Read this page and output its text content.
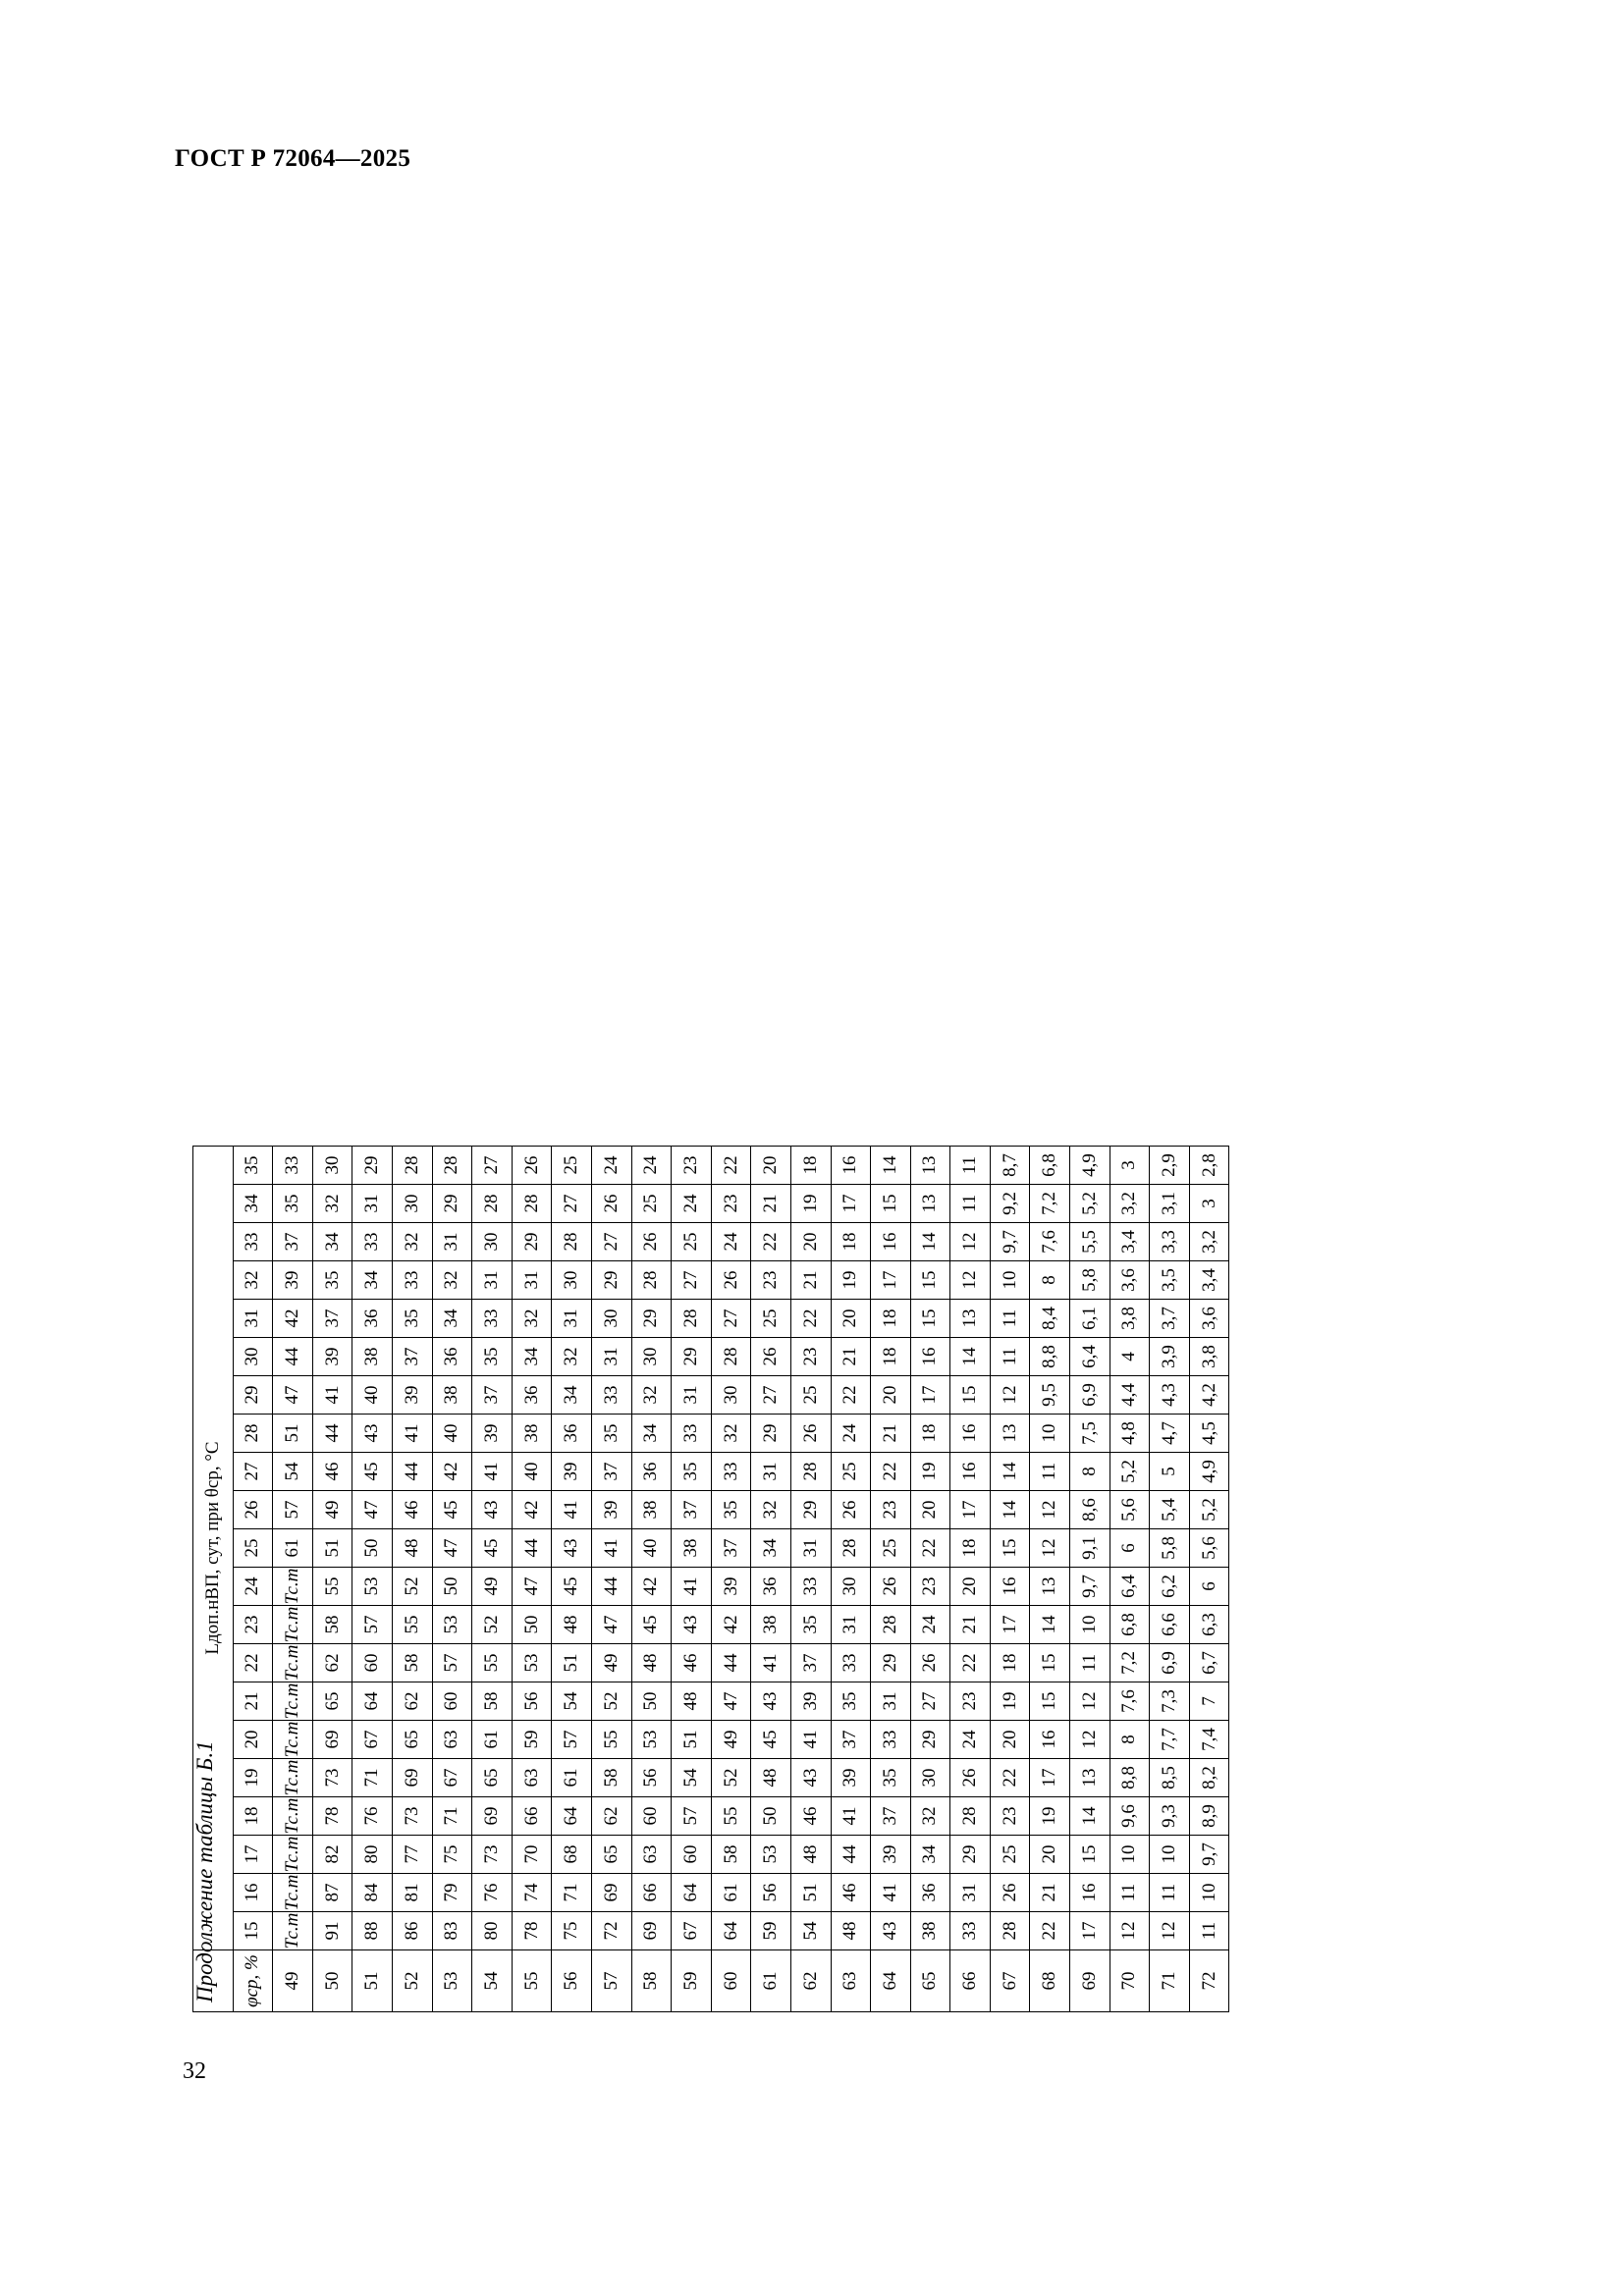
ГОСТ Р 72064—2025
Продолжение таблицы Б.1
	Lдоп.нВП, сут, при θср, °C																				
φср, %	15	16	17	18	19	20	21	22	23	24	25	26	27	28	29	30	31	32	33	34	35
49	Тс.т	Тс.т	Тс.т	Тс.т	Тс.т	Тс.т	Тс.т	Тс.т	Тс.т	Тс.т	61	57	54	51	47	44	42	39	37	35	33
50	91	87	82	78	73	69	65	62	58	55	51	49	46	44	41	39	37	35	34	32	30
51	88	84	80	76	71	67	64	60	57	53	50	47	45	43	40	38	36	34	33	31	29
52	86	81	77	73	69	65	62	58	55	52	48	46	44	41	39	37	35	33	32	30	28
53	83	79	75	71	67	63	60	57	53	50	47	45	42	40	38	36	34	32	31	29	28
54	80	76	73	69	65	61	58	55	52	49	45	43	41	39	37	35	33	31	30	28	27
55	78	74	70	66	63	59	56	53	50	47	44	42	40	38	36	34	32	31	29	28	26
56	75	71	68	64	61	57	54	51	48	45	43	41	39	36	34	32	31	30	28	27	25
57	72	69	65	62	58	55	52	49	47	44	41	39	37	35	33	31	30	29	27	26	24
58	69	66	63	60	56	53	50	48	45	42	40	38	36	34	32	30	29	28	26	25	24
59	67	64	60	57	54	51	48	46	43	41	38	37	35	33	31	29	28	27	25	24	23
60	64	61	58	55	52	49	47	44	42	39	37	35	33	32	30	28	27	26	24	23	22
61	59	56	53	50	48	45	43	41	38	36	34	32	31	29	27	26	25	23	22	21	20
62	54	51	48	46	43	41	39	37	35	33	31	29	28	26	25	23	22	21	20	19	18
63	48	46	44	41	39	37	35	33	31	30	28	26	25	24	22	21	20	19	18	17	16
64	43	41	39	37	35	33	31	29	28	26	25	23	22	21	20	18	18	17	16	15	14
65	38	36	34	32	30	29	27	26	24	23	22	20	19	18	17	16	15	15	14	13	13
66	33	31	29	28	26	24	23	22	21	20	18	17	16	16	15	14	13	12	12	11	11
67	28	26	25	23	22	20	19	18	17	16	15	14	14	13	12	11	11	10	9,7	9,2	8,7
68	22	21	20	19	17	16	15	15	14	13	12	12	11	10	9,5	8,8	8,4	8	7,6	7,2	6,8
69	17	16	15	14	13	12	12	11	10	9,7	9,1	8,6	8	7,5	6,9	6,4	6,1	5,8	5,5	5,2	4,9
70	12	11	10	9,6	8,8	8	7,6	7,2	6,8	6,4	6	5,6	5,2	4,8	4,4	4	3,8	3,6	3,4	3,2	3
71	12	11	10	9,3	8,5	7,7	7,3	6,9	6,6	6,2	5,8	5,4	5	4,7	4,3	3,9	3,7	3,5	3,3	3,1	2,9
72	11	10	9,7	8,9	8,2	7,4	7	6,7	6,3	6	5,6	5,2	4,9	4,5	4,2	3,8	3,6	3,4	3,2	3	2,8
32
